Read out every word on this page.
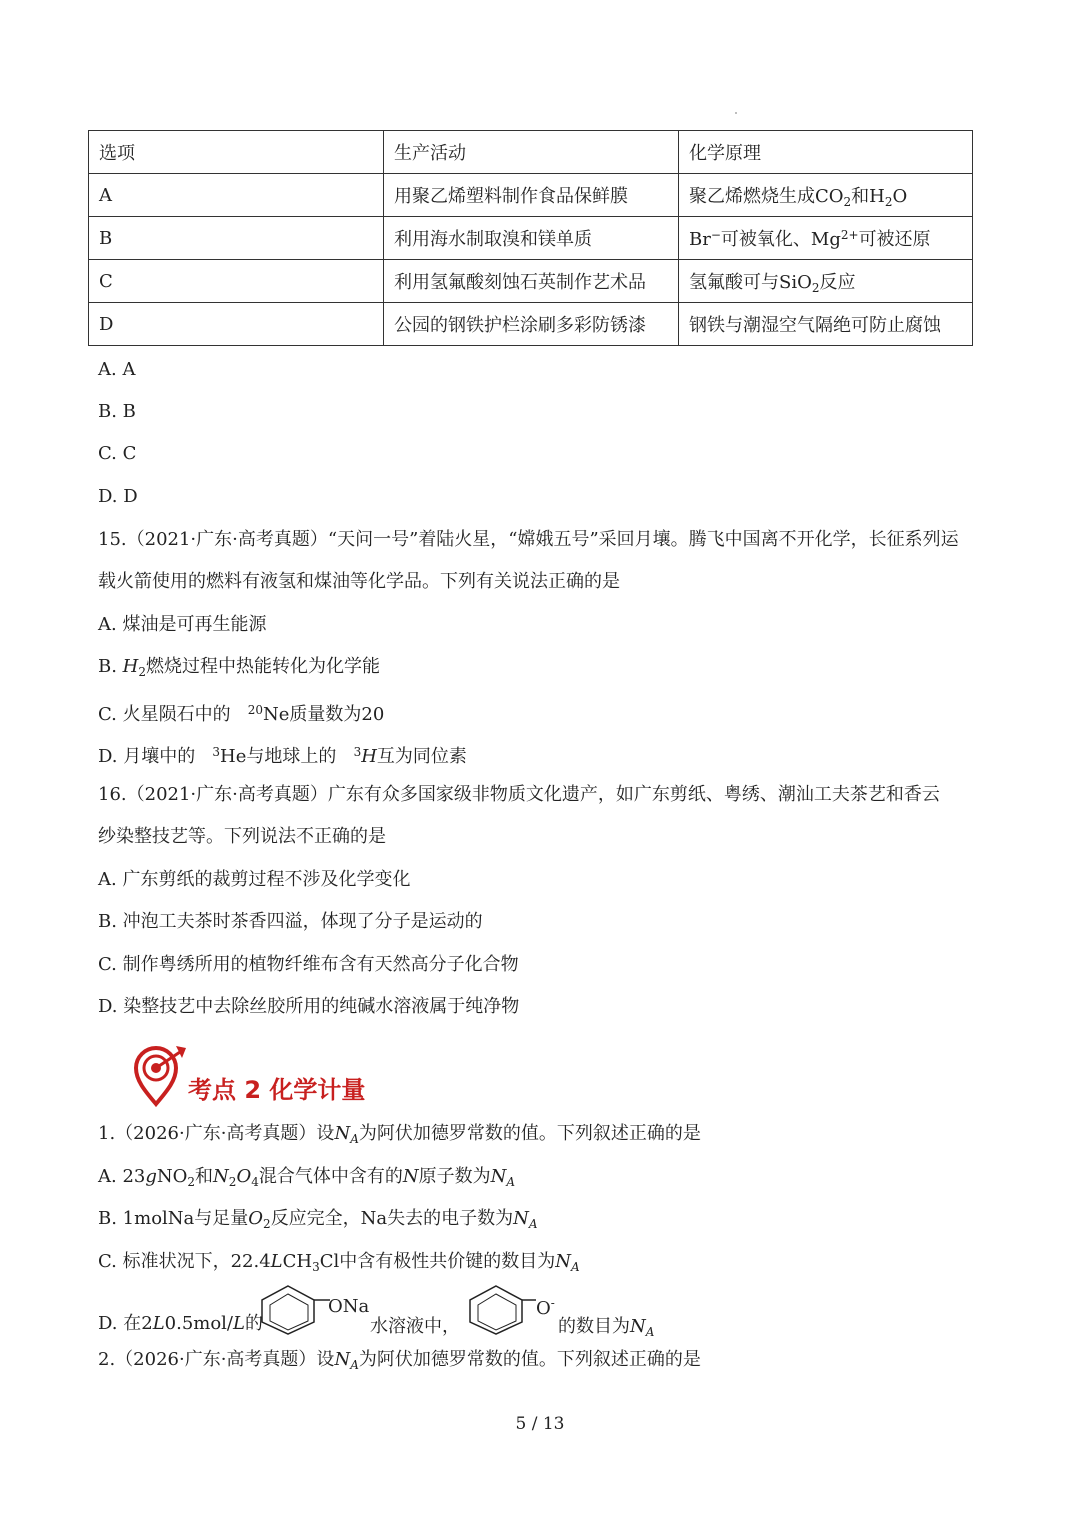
选项	生产活动	化学原理
A	用聚乙烯塑料制作食品保鲜膜	聚乙烯燃烧生成$CO_2$和$H_2O$
B	利用海水制取溴和镁单质	Br−可被氧化、$Mg^{2+}$可被还原
C	利用氢氟酸刻蚀石英制作艺术品	氢氟酸可与SiO$_2$反应
D	公园的钢铁护栏涂刷多彩防锈漆	钢铁与潮湿空气隔绝可防止腐蚀
A. A
B. B
C. C
D. D
15.（2021·广东·高考真题）“天问一号”着陆火星，“嫦娥五号”采回月壤。腾飞中国离不开化学，长征系列运
载火箭使用的燃料有液氢和煤油等化学品。下列有关说法正确的是
A. 煤油是可再生能源
B. $H_2$燃烧过程中热能转化为化学能
C. 火星陨石中的 $^{20}$Ne质量数为20
D. 月壤中的 $^3$He与地球上的 $^3$H互为同位素
16.（2021·广东·高考真题）广东有众多国家级非物质文化遗产，如广东剪纸、粤绣、潮汕工夫茶艺和香云
纱染整技艺等。下列说法不正确的是
A. 广东剪纸的裁剪过程不涉及化学变化
B. 冲泡工夫茶时茶香四溢，体现了分子是运动的
C. 制作粤绣所用的植物纤维布含有天然高分子化合物
D. 染整技艺中去除丝胶所用的纯碱水溶液属于纯净物
考点 2 化学计量
1.（2026·广东·高考真题）设$N_A$为阿伏加德罗常数的值。下列叙述正确的是
A. 23gNO$_2$和$N_2O_4$混合气体中含有的N原子数为$N_A$
B. 1molNa与足量$O_2$反应完全，Na失去的电子数为$N_A$
C. 标准状况下，$22.4LCH_3Cl$中含有极性共价键的数目为$N_A$
D. 在2L0.5mol/L的
ONa
水溶液中，
O-
的数目为$N_A$
2.（2026·广东·高考真题）设$N_A$为阿伏加德罗常数的值。下列叙述正确的是
5 / 13
